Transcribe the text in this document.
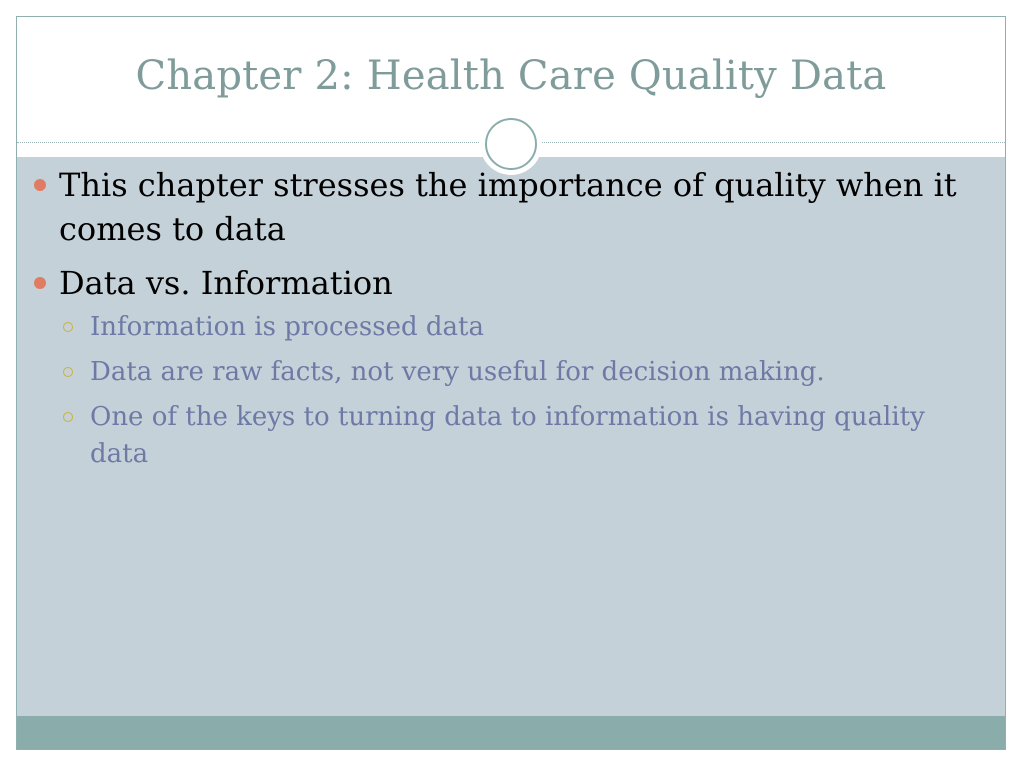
Chapter 2: Health Care Quality Data
This chapter stresses the importance of quality when it comes to data
Data vs. Information
Information is processed data
Data are raw facts, not very useful for decision making.
One of the keys to turning data to information is having quality data
